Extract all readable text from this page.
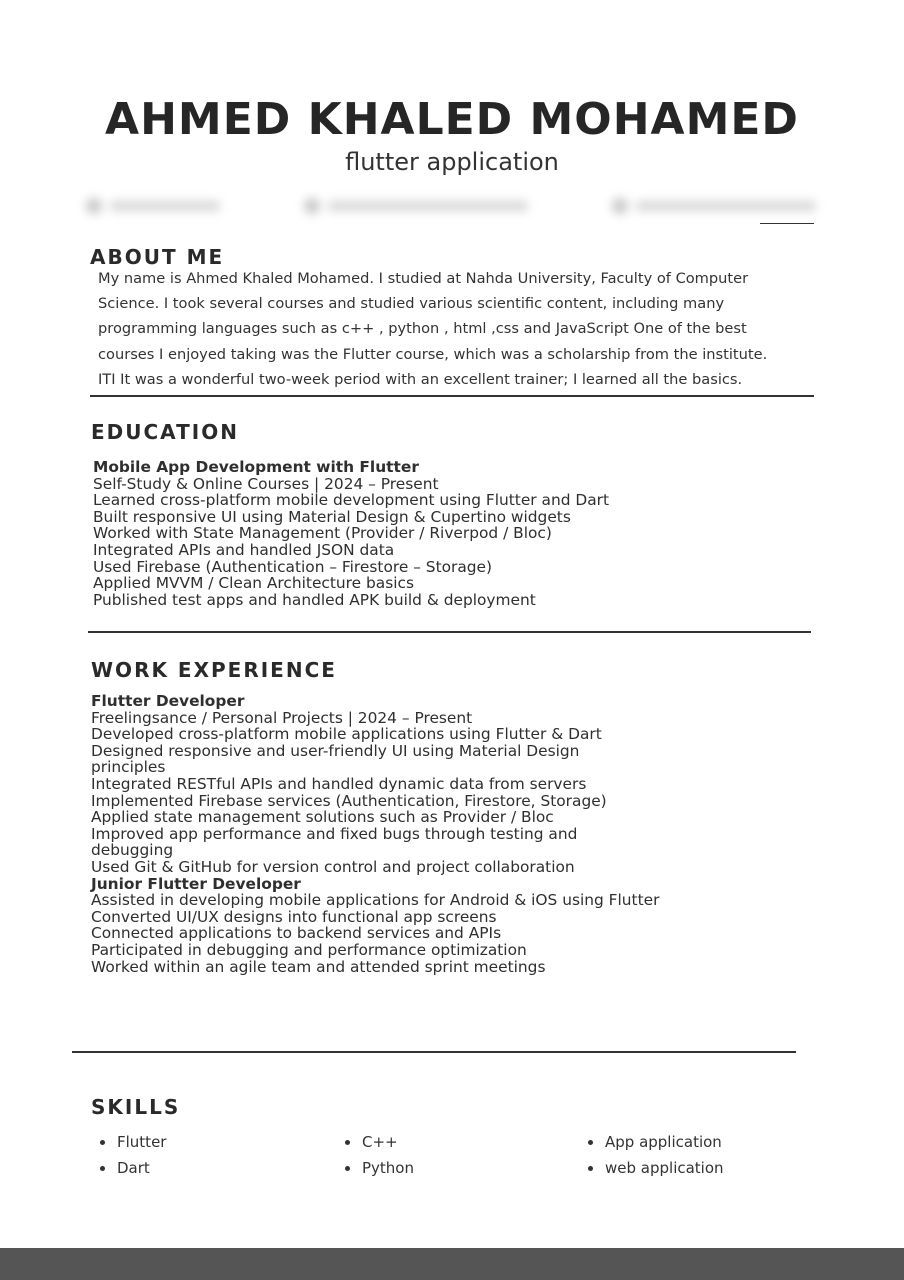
AHMED KHALED MOHAMED
flutter application
ABOUT ME
My name is Ahmed Khaled Mohamed. I studied at Nahda University, Faculty of Computer
Science. I took several courses and studied various scientific content, including many
programming languages such as c++ , python , html ,css and JavaScript One of the best
courses I enjoyed taking was the Flutter course, which was a scholarship from the institute.
ITI It was a wonderful two-week period with an excellent trainer; I learned all the basics.
EDUCATION
Mobile App Development with Flutter
Self-Study & Online Courses | 2024 – Present
Learned cross-platform mobile development using Flutter and Dart
Built responsive UI using Material Design & Cupertino widgets
Worked with State Management (Provider / Riverpod / Bloc)
Integrated APIs and handled JSON data
Used Firebase (Authentication – Firestore – Storage)
Applied MVVM / Clean Architecture basics
Published test apps and handled APK build & deployment
WORK EXPERIENCE
Flutter Developer
Freelingsance / Personal Projects | 2024 – Present
Developed cross-platform mobile applications using Flutter & Dart
Designed responsive and user-friendly UI using Material Design principles
Integrated RESTful APIs and handled dynamic data from servers
Implemented Firebase services (Authentication, Firestore, Storage)
Applied state management solutions such as Provider / Bloc
Improved app performance and fixed bugs through testing and debugging
Used Git & GitHub for version control and project collaboration
Junior Flutter Developer
Assisted in developing mobile applications for Android & iOS using Flutter
Converted UI/UX designs into functional app screens
Connected applications to backend services and APIs
Participated in debugging and performance optimization
Worked within an agile team and attended sprint meetings
SKILLS
Flutter
Dart
C++
Python
App application
web application
